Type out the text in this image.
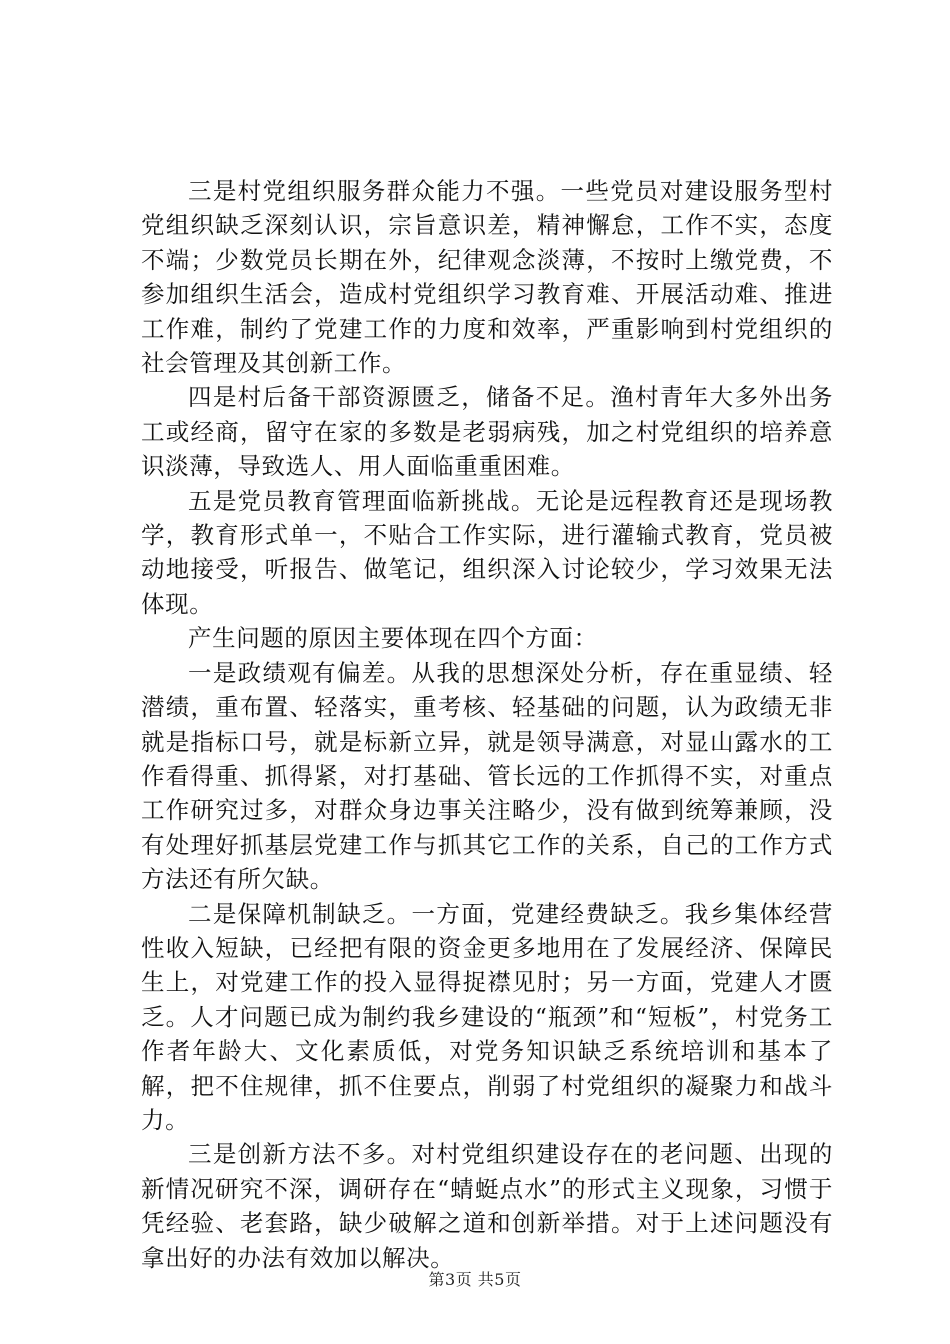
三是村党组织服务群众能力不强。一些党员对建设服务型村党组织缺乏深刻认识，宗旨意识差，精神懈怠，工作不实，态度不端；少数党员长期在外，纪律观念淡薄，不按时上缴党费，不参加组织生活会，造成村党组织学习教育难、开展活动难、推进工作难，制约了党建工作的力度和效率，严重影响到村党组织的社会管理及其创新工作。

四是村后备干部资源匮乏，储备不足。渔村青年大多外出务工或经商，留守在家的多数是老弱病残，加之村党组织的培养意识淡薄，导致选人、用人面临重重困难。

五是党员教育管理面临新挑战。无论是远程教育还是现场教学，教育形式单一，不贴合工作实际，进行灌输式教育，党员被动地接受，听报告、做笔记，组织深入讨论较少，学习效果无法体现。

产生问题的原因主要体现在四个方面：

一是政绩观有偏差。从我的思想深处分析，存在重显绩、轻潜绩，重布置、轻落实，重考核、轻基础的问题，认为政绩无非就是指标口号，就是标新立异，就是领导满意，对显山露水的工作看得重、抓得紧，对打基础、管长远的工作抓得不实，对重点工作研究过多，对群众身边事关注略少，没有做到统筹兼顾，没有处理好抓基层党建工作与抓其它工作的关系，自己的工作方式方法还有所欠缺。

二是保障机制缺乏。一方面，党建经费缺乏。我乡集体经营性收入短缺，已经把有限的资金更多地用在了发展经济、保障民生上，对党建工作的投入显得捉襟见肘；另一方面，党建人才匮乏。人才问题已成为制约我乡建设的“瓶颈”和“短板”，村党务工作者年龄大、文化素质低，对党务知识缺乏系统培训和基本了解，把不住规律，抓不住要点，削弱了村党组织的凝聚力和战斗力。

三是创新方法不多。对村党组织建设存在的老问题、出现的新情况研究不深，调研存在“蜻蜓点水”的形式主义现象，习惯于凭经验、老套路，缺少破解之道和创新举措。对于上述问题没有拿出好的办法有效加以解决。

第3页 共5页
